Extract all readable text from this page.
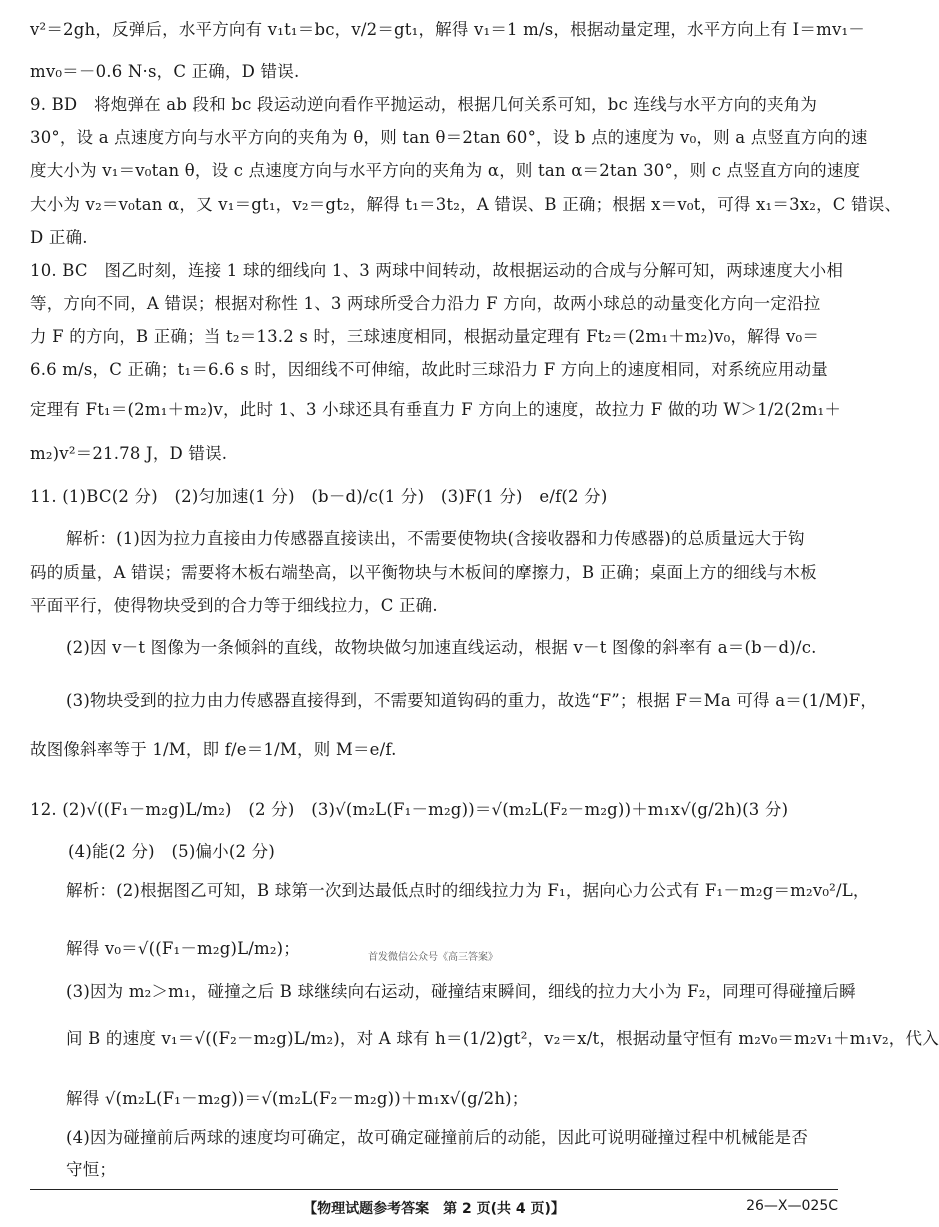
v²＝2gh，反弹后，水平方向有 v₁t₁＝bc，v/2＝gt₁，解得 v₁＝1 m/s，根据动量定理，水平方向上有 I＝mv₁－
mv₀＝－0.6 N·s，C 正确，D 错误.
9. BD　将炮弹在 ab 段和 bc 段运动逆向看作平抛运动，根据几何关系可知，bc 连线与水平方向的夹角为
30°，设 a 点速度方向与水平方向的夹角为 θ，则 tan θ＝2tan 60°，设 b 点的速度为 v₀，则 a 点竖直方向的速
度大小为 v₁＝v₀tan θ，设 c 点速度方向与水平方向的夹角为 α，则 tan α＝2tan 30°，则 c 点竖直方向的速度
大小为 v₂＝v₀tan α，又 v₁＝gt₁，v₂＝gt₂，解得 t₁＝3t₂，A 错误、B 正确；根据 x＝v₀t，可得 x₁＝3x₂，C 错误、
D 正确.
10. BC　图乙时刻，连接 1 球的细线向 1、3 两球中间转动，故根据运动的合成与分解可知，两球速度大小相
等，方向不同，A 错误；根据对称性 1、3 两球所受合力沿力 F 方向，故两小球总的动量变化方向一定沿拉
力 F 的方向，B 正确；当 t₂＝13.2 s 时，三球速度相同，根据动量定理有 Ft₂＝(2m₁＋m₂)v₀，解得 v₀＝
6.6 m/s，C 正确；t₁＝6.6 s 时，因细线不可伸缩，故此时三球沿力 F 方向上的速度相同，对系统应用动量
定理有 Ft₁＝(2m₁＋m₂)v，此时 1、3 小球还具有垂直力 F 方向上的速度，故拉力 F 做的功 W＞1/2(2m₁＋
m₂)v²＝21.78 J，D 错误.
11. (1)BC(2 分)　(2)匀加速(1 分)　(b－d)/c(1 分)　(3)F(1 分)　e/f(2 分)
解析：(1)因为拉力直接由力传感器直接读出，不需要使物块(含接收器和力传感器)的总质量远大于钩
码的质量，A 错误；需要将木板右端垫高，以平衡物块与木板间的摩擦力，B 正确；桌面上方的细线与木板
平面平行，使得物块受到的合力等于细线拉力，C 正确.
(2)因 v－t 图像为一条倾斜的直线，故物块做匀加速直线运动，根据 v－t 图像的斜率有 a＝(b－d)/c.
(3)物块受到的拉力由力传感器直接得到，不需要知道钩码的重力，故选“F”；根据 F＝Ma 可得 a＝(1/M)F，
故图像斜率等于 1/M，即 f/e＝1/M，则 M＝e/f.
12. (2)√((F₁－m₂g)L/m₂)　(2 分)　(3)√(m₂L(F₁－m₂g))＝√(m₂L(F₂－m₂g))＋m₁x√(g/2h)(3 分)
(4)能(2 分)　(5)偏小(2 分)
解析：(2)根据图乙可知，B 球第一次到达最低点时的细线拉力为 F₁，据向心力公式有 F₁－m₂g＝m₂v₀²/L，
解得 v₀＝√((F₁－m₂g)L/m₂)；
(3)因为 m₂＞m₁，碰撞之后 B 球继续向右运动，碰撞结束瞬间，细线的拉力大小为 F₂，同理可得碰撞后瞬
间 B 的速度 v₁＝√((F₂－m₂g)L/m₂)，对 A 球有 h＝(1/2)gt²，v₂＝x/t，根据动量守恒有 m₂v₀＝m₂v₁＋m₁v₂，代入
解得 √(m₂L(F₁－m₂g))＝√(m₂L(F₂－m₂g))＋m₁x√(g/2h)；
(4)因为碰撞前后两球的速度均可确定，故可确定碰撞前后的动能，因此可说明碰撞过程中机械能是否
守恒；
首发微信公众号《高三答案》
【物理试题参考答案　第 2 页(共 4 页)】	26—X—025C
